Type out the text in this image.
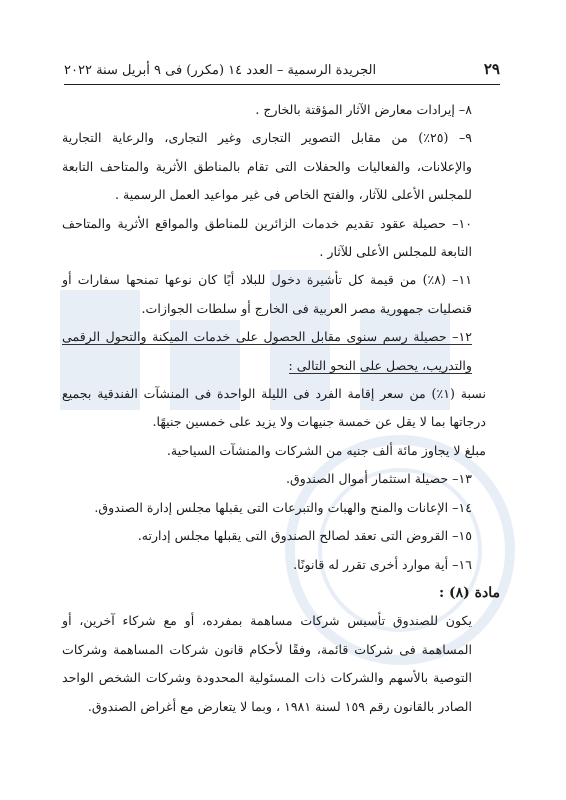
٢٩
الجريدة الرسمية – العدد ١٤ (مكرر) فى ٩ أبريل سنة ٢٠٢٢

٨– إيرادات معارض الآثار المؤقتة بالخارج .

٩– (٢٥٪) من مقابل التصوير التجارى وغير التجارى، والرعاية التجارية والإعلانات، والفعاليات والحفلات التى تقام بالمناطق الأثرية والمتاحف التابعة للمجلس الأعلى للآثار، والفتح الخاص فى غير مواعيد العمل الرسمية .

١٠– حصيلة عقود تقديم خدمات الزائرين للمناطق والمواقع الأثرية والمتاحف التابعة للمجلس الأعلى للآثار .

١١– (٨٪) من قيمة كل تأشيرة دخول للبلاد أيًا كان نوعها تمنحها سفارات أو قنصليات جمهورية مصر العربية فى الخارج أو سلطات الجوازات.

١٢– حصيلة رسم سنوى مقابل الحصول على خدمات الميكنة والتحول الرقمى والتدريب، يحصل على النحو التالى :

نسبة (١٪) من سعر إقامة الفرد فى الليلة الواحدة فى المنشآت الفندقية بجميع درجاتها بما لا يقل عن خمسة جنيهات ولا يزيد على خمسين جنيهًا.

مبلغ لا يجاوز مائة ألف جنيه من الشركات والمنشآت السياحية.

١٣– حصيلة استثمار أموال الصندوق.

١٤– الإعانات والمنح والهبات والتبرعات التى يقبلها مجلس إدارة الصندوق.

١٥– القروض التى تعقد لصالح الصندوق التى يقبلها مجلس إدارته.

١٦– أية موارد أخرى تقرر له قانونًا.

مادة (٨) :

يكون للصندوق تأسيس شركات مساهمة بمفرده، أو مع شركاء آخرين، أو المساهمة فى شركات قائمة، وفقًا لأحكام قانون شركات المساهمة وشركات التوصية بالأسهم والشركات ذات المسئولية المحدودة وشركات الشخص الواحد الصادر بالقانون رقم ١٥٩ لسنة ١٩٨١ ، وبما لا يتعارض مع أغراض الصندوق.
